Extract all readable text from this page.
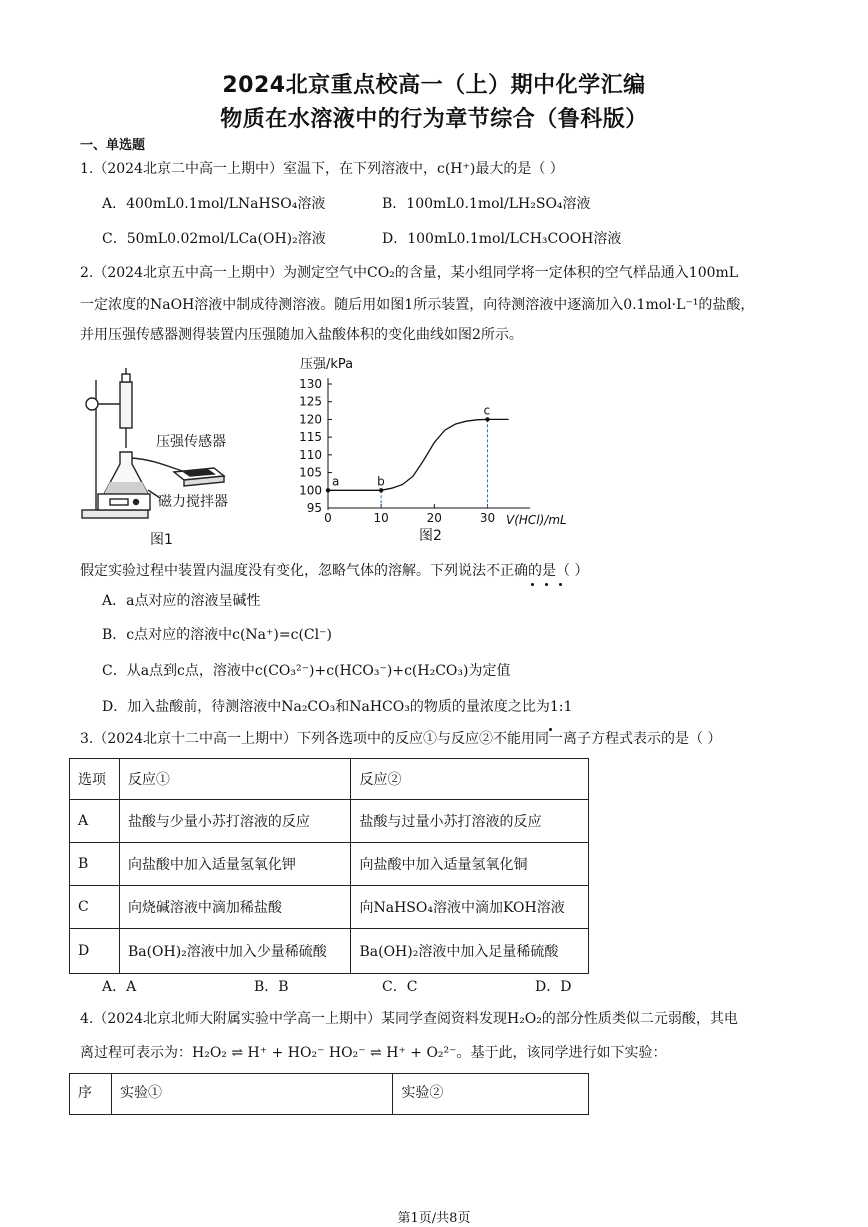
2024北京重点校高一（上）期中化学汇编
物质在水溶液中的行为章节综合（鲁科版）
一、单选题
1.（2024北京二中高一上期中）室温下，在下列溶液中，c(H⁺)最大的是（ ）
A．400mL0.1mol/LNaHSO₄溶液	B．100mL0.1mol/LH₂SO₄溶液
C．50mL0.02mol/LCa(OH)₂溶液	D．100mL0.1mol/LCH₃COOH溶液
2.（2024北京五中高一上期中）为测定空气中CO₂的含量，某小组同学将一定体积的空气样品通入100mL
一定浓度的NaOH溶液中制成待测溶液。随后用如图1所示装置，向待测溶液中逐滴加入0.1mol·L⁻¹的盐酸，
并用压强传感器测得装置内压强随加入盐酸体积的变化曲线如图2所示。
压强传感器
磁力搅拌器
图1
压强/kPa
V(HCl)/mL
95
100
105
110
115
120
125
130
0	10	20	30
a	b
c
图2
假定实验过程中装置内温度没有变化，忽略气体的溶解。下列说法不正确的是（ ）
A．a点对应的溶液呈碱性
B．c点对应的溶液中c(Na⁺)=c(Cl⁻)
C．从a点到c点，溶液中c(CO₃²⁻)+c(HCO₃⁻)+c(H₂CO₃)为定值
D．加入盐酸前，待测溶液中Na₂CO₃和NaHCO₃的物质的量浓度之比为1:1
3.（2024北京十二中高一上期中）下列各选项中的反应①与反应②不能用同一离子方程式表示的是（ ）
选项	反应①	反应②
A	盐酸与少量小苏打溶液的反应	盐酸与过量小苏打溶液的反应
B	向盐酸中加入适量氢氧化钾	向盐酸中加入适量氢氧化铜
C	向烧碱溶液中滴加稀盐酸	向NaHSO₄溶液中滴加KOH溶液
D	Ba(OH)₂溶液中加入少量稀硫酸	Ba(OH)₂溶液中加入足量稀硫酸
A．A	B．B	C．C	D．D
4.（2024北京北师大附属实验中学高一上期中）某同学查阅资料发现H₂O₂的部分性质类似二元弱酸，其电
离过程可表示为：H₂O₂ ⇌ H⁺ + HO₂⁻ HO₂⁻ ⇌ H⁺ + O₂²⁻。基于此，该同学进行如下实验：
序	实验①	实验②
第1页/共8页
